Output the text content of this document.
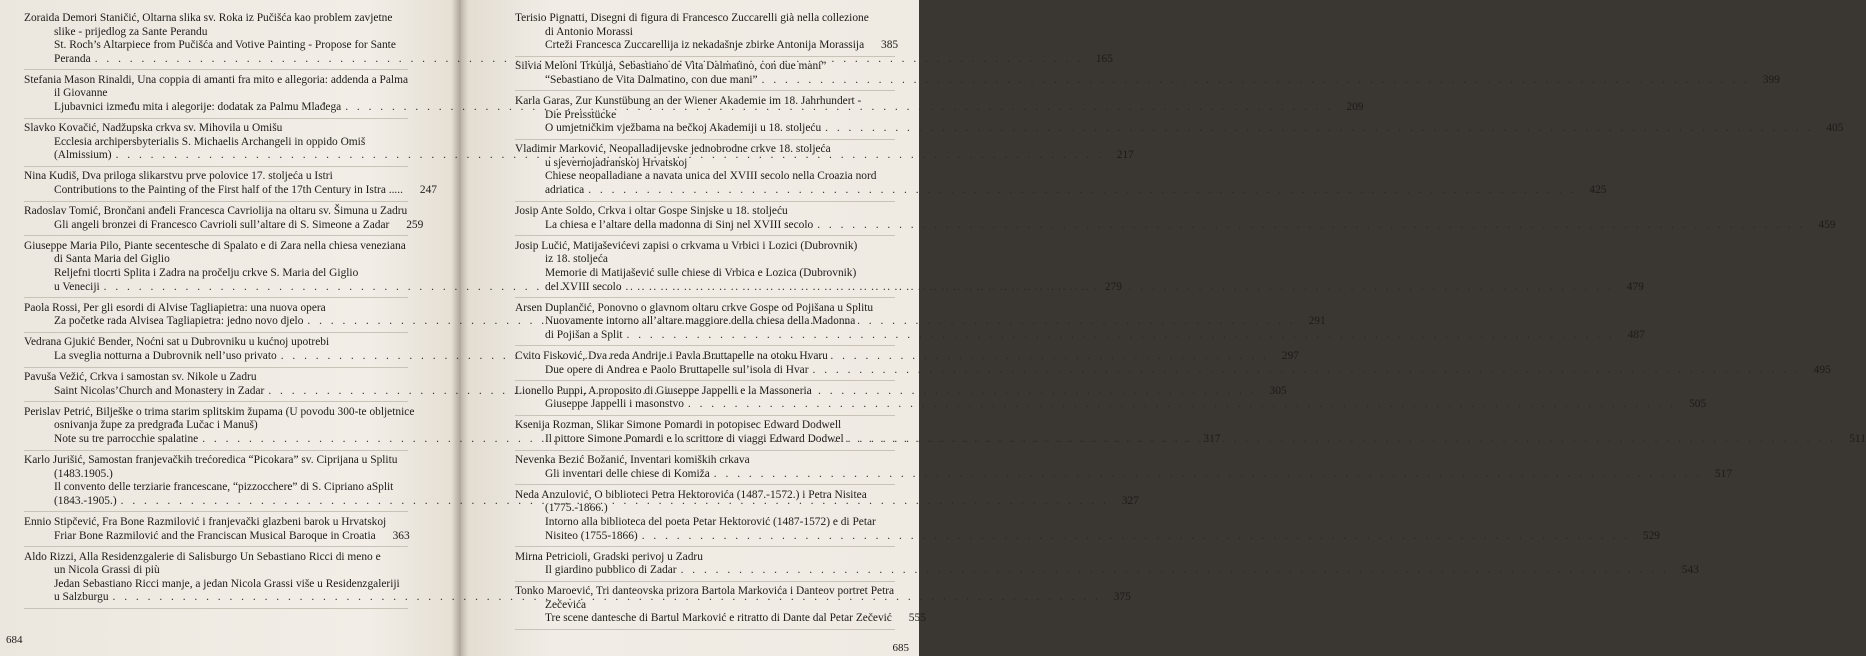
Zoraida Demori Staničić, Oltarna slika sv. Roka iz Pučišća kao problem zavjetne
slike - prijedlog za Sante Perandu
St. Roch’s Altarpiece from Pučišća and Votive Painting - Propose for Sante
Peranda . . .	165
Stefania Mason Rinaldi, Una coppia di amanti fra mito e allegoria: addenda a Palma
il Giovanne
Ljubavnici između mita i alegorije: dodatak za Palmu Mlađega . . .	209
Slavko Kovačić, Nadžupska crkva sv. Mihovila u Omišu
Ecclesia archipersbyterialis S. Michaelis Archangeli in oppido Omiš
(Almissium) . . .	217
Nina Kudiš, Dva priloga slikarstvu prve polovice 17. stoljeća u Istri
Contributions to the Painting of the First half of the 17th Century in Istra .....	247
Radoslav Tomić, Brončani anđeli Francesca Cavriolija na oltaru sv. Šimuna u Zadru
Gli angeli bronzei di Francesco Cavrioli sull’altare di S. Simeone a Zadar	259
Giuseppe Maria Pilo, Piante secentesche di Spalato e di Zara nella chiesa veneziana
di Santa Maria del Giglio
Reljefni tlocrti Splita i Zadra na pročelju crkve S. Maria del Giglio
u Veneciji . . .	279
Paola Rossi, Per gli esordi di Alvise Tagliapietra: una nuova opera
Za početke rada Alviseа Tagliapietra: jedno novo djelo . . .	291
Vedrana Gjukić Bender, Noćni sat u Dubrovniku u kućnoj upotrebi
La sveglia notturna a Dubrovnik nell’uso privato . . .	297
Pavuša Vežić, Crkva i samostan sv. Nikole u Zadru
Saint Nicolas’Church and Monastery in Zadar . . .	305
Perislav Petrić, Bilješke o trima starim splitskim župama (U povodu 300-te obljetnice
osnivanja župe za predgrađa Lučac i Manuš)
Note su tre parrocchie spalatine . . .	317
Karlo Jurišić, Samostan franjevačkih trećoredica “Picokara” sv. Ciprijana u Splitu
(1483.1905.)
Il convento delle terziarie francescane, “pizzocchere” di S. Cipriano aSplit
(1843.-1905.) . . .	327
Ennio Stipčević, Fra Bone Razmilović i franjevački glazbeni barok u Hrvatskoj
Friar Bone Razmilović and the Franciscan Musical Baroque in Croatia	363
Aldo Rizzi, Alla Residenzgalerie di Salisburgo Un Sebastiano Ricci di meno e
un Nicola Grassi di più
Jedan Sebastiano Ricci manje, a jedan Nicola Grassi više u Residenzgaleriji
u Salzburgu . . .	375
684
Terisio Pignatti, Disegni di figura di Francesco Zuccarelli già nella collezione
di Antonio Morassi
Crteži Francesca Zuccarellija iz nekadašnje zbirke Antonija Morassija	385
Silvia Meloni Trkulja, Sebastiano de Vita Dalmatino, con due mani”
“Sebastiano de Vita Dalmatino, con due mani” . . .	399
Karla Garas, Zur Kunstübung an der Wiener Akademie im 18. Jahrhundert -
Die Preisstücke
O umjetničkim vježbama na bečkoj Akademiji u 18. stoljeću . . .	405
Vladimir Marković, Neopalladijevske jednobrodne crkve 18. stoljeća
u sjevernojadranskoj Hrvatskoj
Chiese neopalladiane a navata unica del XVIII secolo nella Croazia nord
adriatica . . .	425
Josip Ante Soldo, Crkva i oltar Gospe Sinjske u 18. stoljeću
La chiesa e l’altare della madonna di Sinj nel XVIII secolo . . .	459
Josip Lučić, Matijaševićevi zapisi o crkvama u Vrbici i Lozici (Dubrovnik)
iz 18. stoljeća
Memorie di Matijašević sulle chiese di Vrbica e Lozica (Dubrovnik)
del XVIII secolo . . .	479
Arsen Duplančić, Ponovno o glavnom oltaru crkve Gospe od Pojišana u Splitu
Nuovamente intorno all’altare maggiore della chiesa della Madonna
di Pojišan a Split . . .	487
Cvito Fisković, Dva reda Andrije i Pavla Bruttapelle na otoku Hvaru
Due opere di Andrea e Paolo Bruttapelle sul’isola di Hvar . . .	495
Lionello Puppi, A proposito di Giuseppe Jappelli e la Massoneria
Giuseppe Jappelli i masonstvo . . .	505
Ksenija Rozman, Slikar Simone Pomardi in potopisec Edward Dodwell
Il pittore Simone Pomardi e lo scrittore di viaggi Edward Dodwel . . .	511
Nevenka Bezić Božanić, Inventari komiških crkava
Gli inventari delle chiese di Komiža . . .	517
Neda Anzulović, O biblioteci Petra Hektorovića (1487.-1572.) i Petra Nisitea
(1775.-1866.)
Intorno alla biblioteca del poeta Petar Hektorović (1487-1572) e di Petar
Nisiteo (1755-1866) . . .	529
Mirna Petricioli, Gradski perivoj u Zadru
Il giardino pubblico di Zadar . . .	543
Tonko Maroević, Tri danteovska prizora Bartola Markovića i Danteov portret Petra
Zečevića
Tre scene dantesche di Bartul Marković e ritratto di Dante dal Petar Zečević	555
685
